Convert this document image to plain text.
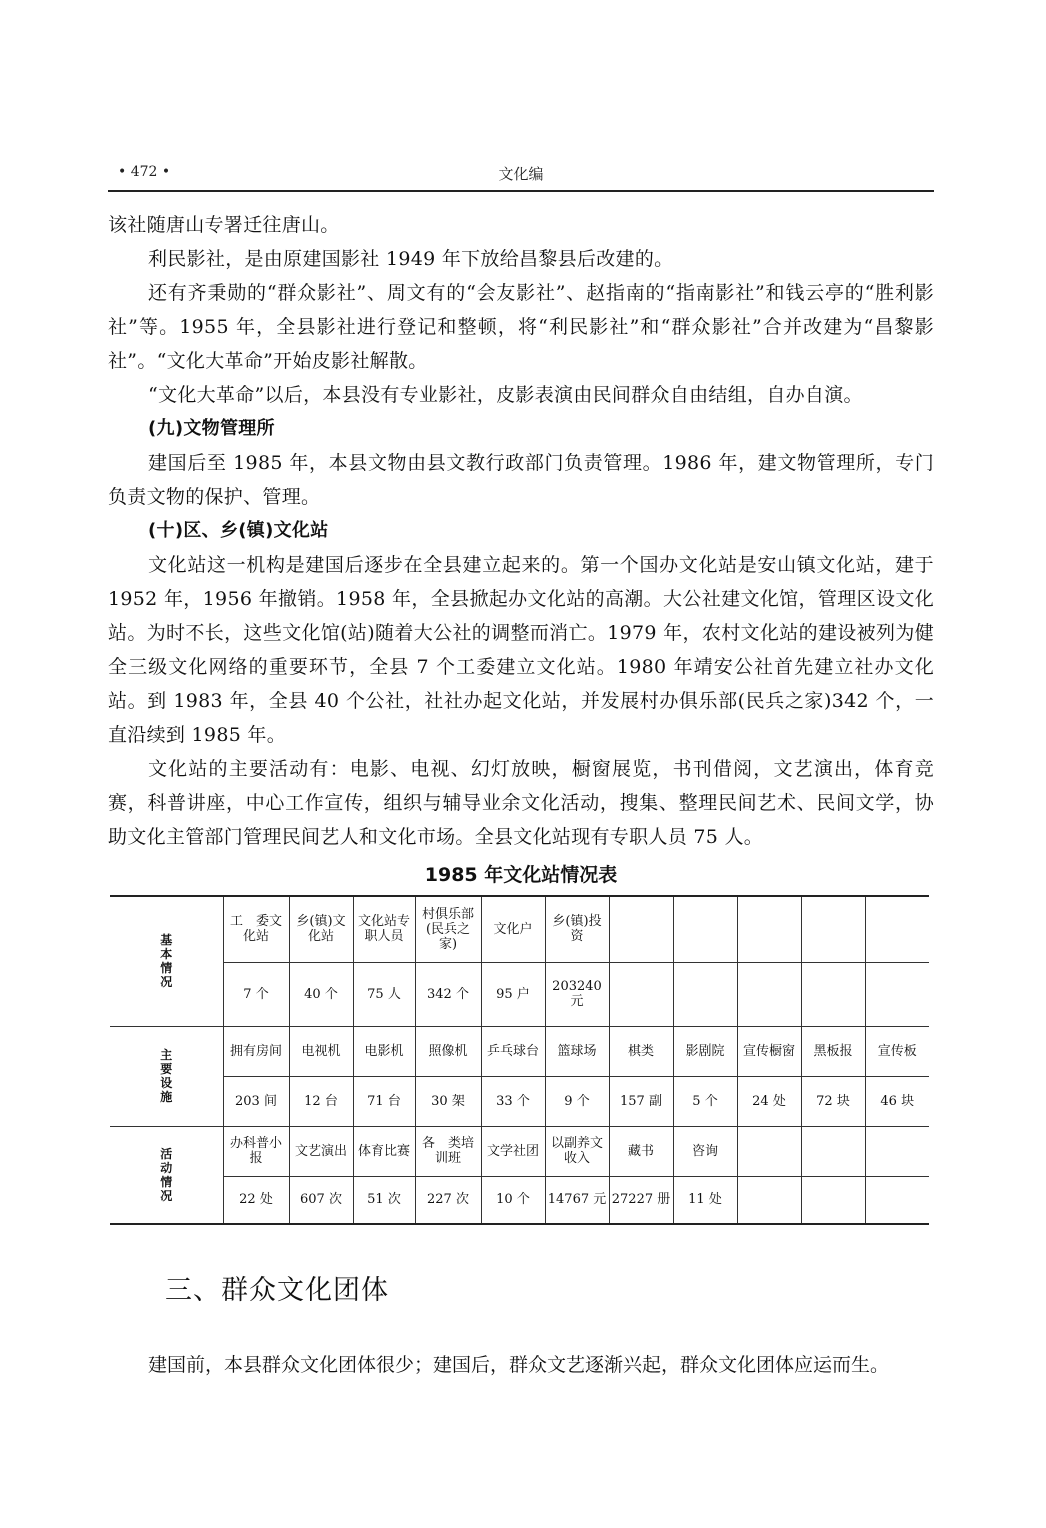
• 472 •	文化编

该社随唐山专署迁往唐山。

利民影社，是由原建国影社 1949 年下放给昌黎县后改建的。

还有齐秉勋的“群众影社”、周文有的“会友影社”、赵指南的“指南影社”和钱云亭的“胜利影社”等。1955 年，全县影社进行登记和整顿，将“利民影社”和“群众影社”合并改建为“昌黎影社”。“文化大革命”开始皮影社解散。

“文化大革命”以后，本县没有专业影社，皮影表演由民间群众自由结组，自办自演。

(九)文物管理所

建国后至 1985 年，本县文物由县文教行政部门负责管理。1986 年，建文物管理所，专门负责文物的保护、管理。

(十)区、乡(镇)文化站

文化站这一机构是建国后逐步在全县建立起来的。第一个国办文化站是安山镇文化站，建于 1952 年，1956 年撤销。1958 年，全县掀起办文化站的高潮。大公社建文化馆，管理区设文化站。为时不长，这些文化馆(站)随着大公社的调整而消亡。1979 年，农村文化站的建设被列为健全三级文化网络的重要环节，全县 7 个工委建立文化站。1980 年靖安公社首先建立社办文化站。到 1983 年，全县 40 个公社，社社办起文化站，并发展村办俱乐部(民兵之家)342 个，一直沿续到 1985 年。

文化站的主要活动有：电影、电视、幻灯放映，橱窗展览，书刊借阅，文艺演出，体育竞赛，科普讲座，中心工作宣传，组织与辅导业余文化活动，搜集、整理民间艺术、民间文学，协助文化主管部门管理民间艺人和文化市场。全县文化站现有专职人员 75 人。

1985 年文化站情况表
基本情况	工　委文化站	乡(镇)文化站	文化站专职人员	村俱乐部(民兵之家)	文化户	乡(镇)投资					
	7 个	40 个	75 人	342 个	95 户	203240 元					

主要设施	拥有房间	电视机	电影机	照像机	乒乓球台	篮球场	棋类	影剧院	宣传橱窗	黑板报	宣传板
	203 间	12 台	71 台	30 架	33 个	9 个	157 副	5 个	24 处	72 块	46 块

活动情况	办科普小报	文艺演出	体育比赛	各　类培训班	文学社团	以副养文收入	藏书	咨询			
	22 处	607 次	51 次	227 次	10 个	14767 元	27227 册	11 处			
三、群众文化团体
建国前，本县群众文化团体很少；建国后，群众文艺逐渐兴起，群众文化团体应运而生。
